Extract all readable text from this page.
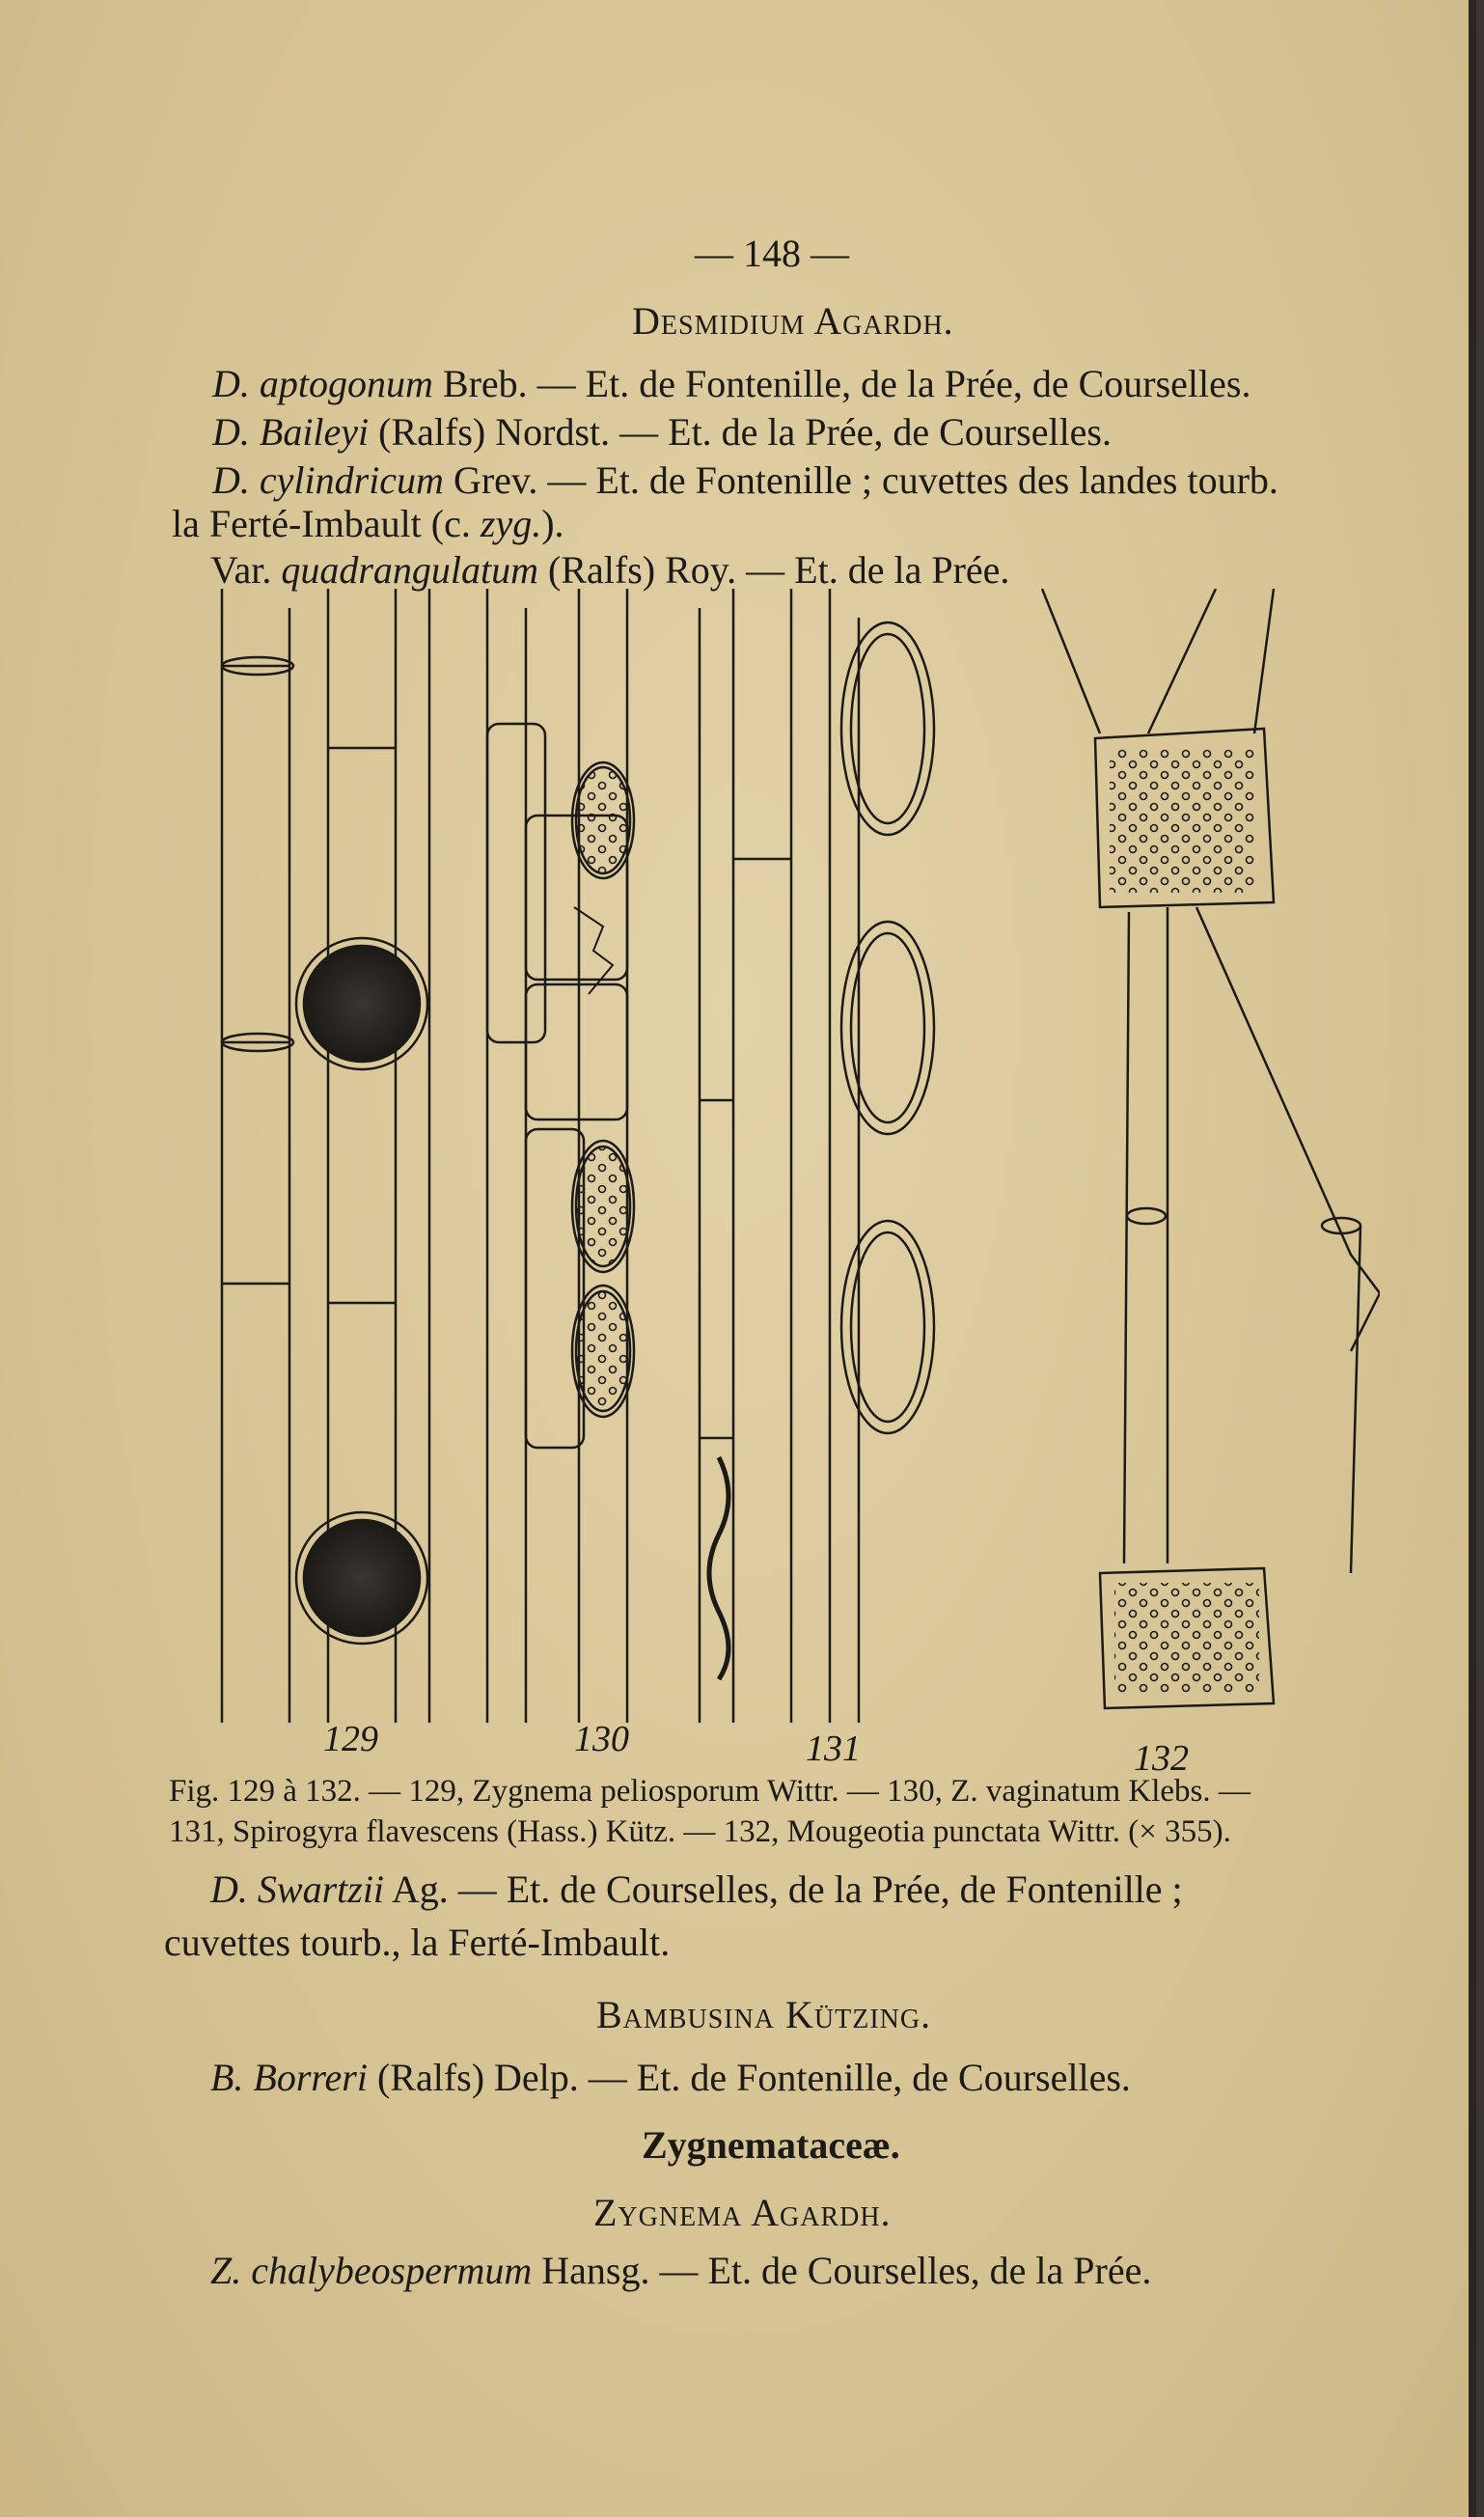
— 148 —
Desmidium Agardh.
D. aptogonum Breb. — Et. de Fontenille, de la Prée, de Courselles.
D. Baileyi (Ralfs) Nordst. — Et. de la Prée, de Courselles.
D. cylindricum Grev. — Et. de Fontenille ; cuvettes des landes tourb.
la Ferté-Imbault (c. zyg.).
Var. quadrangulatum (Ralfs) Roy. — Et. de la Prée.
129	130	131	132
Fig. 129 à 132. — 129, Zygnema peliosporum Wittr. — 130, Z. vaginatum Klebs. —
131, Spirogyra flavescens (Hass.) Kütz. — 132, Mougeotia punctata Wittr. (× 355).
D. Swartzii Ag. — Et. de Courselles, de la Prée, de Fontenille ;
cuvettes tourb., la Ferté-Imbault.
Bambusina Kützing.
B. Borreri (Ralfs) Delp. — Et. de Fontenille, de Courselles.
Zygnemataceæ.
Zygnema Agardh.
Z. chalybeospermum Hansg. — Et. de Courselles, de la Prée.
